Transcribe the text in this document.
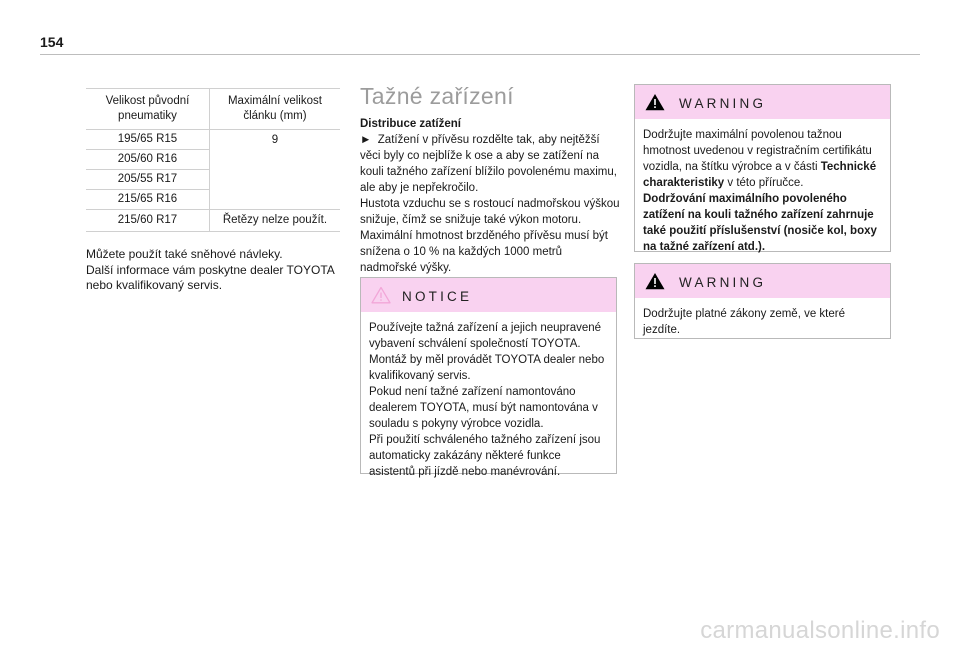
154
Velikost původní pneumatiky	Maximální velikost článku (mm)
195/65 R15	9
205/60 R16	
205/55 R17	
215/65 R16	
215/60 R17	Řetězy nelze použít.

Můžete použít také sněhové návleky.

Další informace vám poskytne dealer TOYOTA nebo kvalifikovaný servis.

Tažné zařízení

Distribuce zatížení

► Zatížení v přívěsu rozdělte tak, aby nejtěžší věci byly co nejblíže k ose a aby se zatížení na kouli tažného zařízení blížilo povolenému maximu, ale aby je nepřekročilo.

Hustota vzduchu se s rostoucí nadmořskou výškou snižuje, čímž se snižuje také výkon motoru. Maximální hmotnost brzděného přívěsu musí být snížena o 10 % na každých 1000 metrů nadmořské výšky.

NOTICE

Používejte tažná zařízení a jejich neupravené vybavení schválení společností TOYOTA.

Montáž by měl provádět TOYOTA dealer nebo kvalifikovaný servis.

Pokud není tažné zařízení namontováno dealerem TOYOTA, musí být namontována v souladu s pokyny výrobce vozidla.

Při použití schváleného tažného zařízení jsou automaticky zakázány některé funkce asistentů při jízdě nebo manévrování.

WARNING

Dodržujte maximální povolenou tažnou hmotnost uvedenou v registračním certifikátu vozidla, na štítku výrobce a v části Technické charakteristiky v této příručce.

Dodržování maximálního povoleného zatížení na kouli tažného zařízení zahrnuje také použití příslušenství (nosiče kol, boxy na tažné zařízení atd.).

WARNING

Dodržujte platné zákony země, ve které jezdíte.

carmanualsonline.info
